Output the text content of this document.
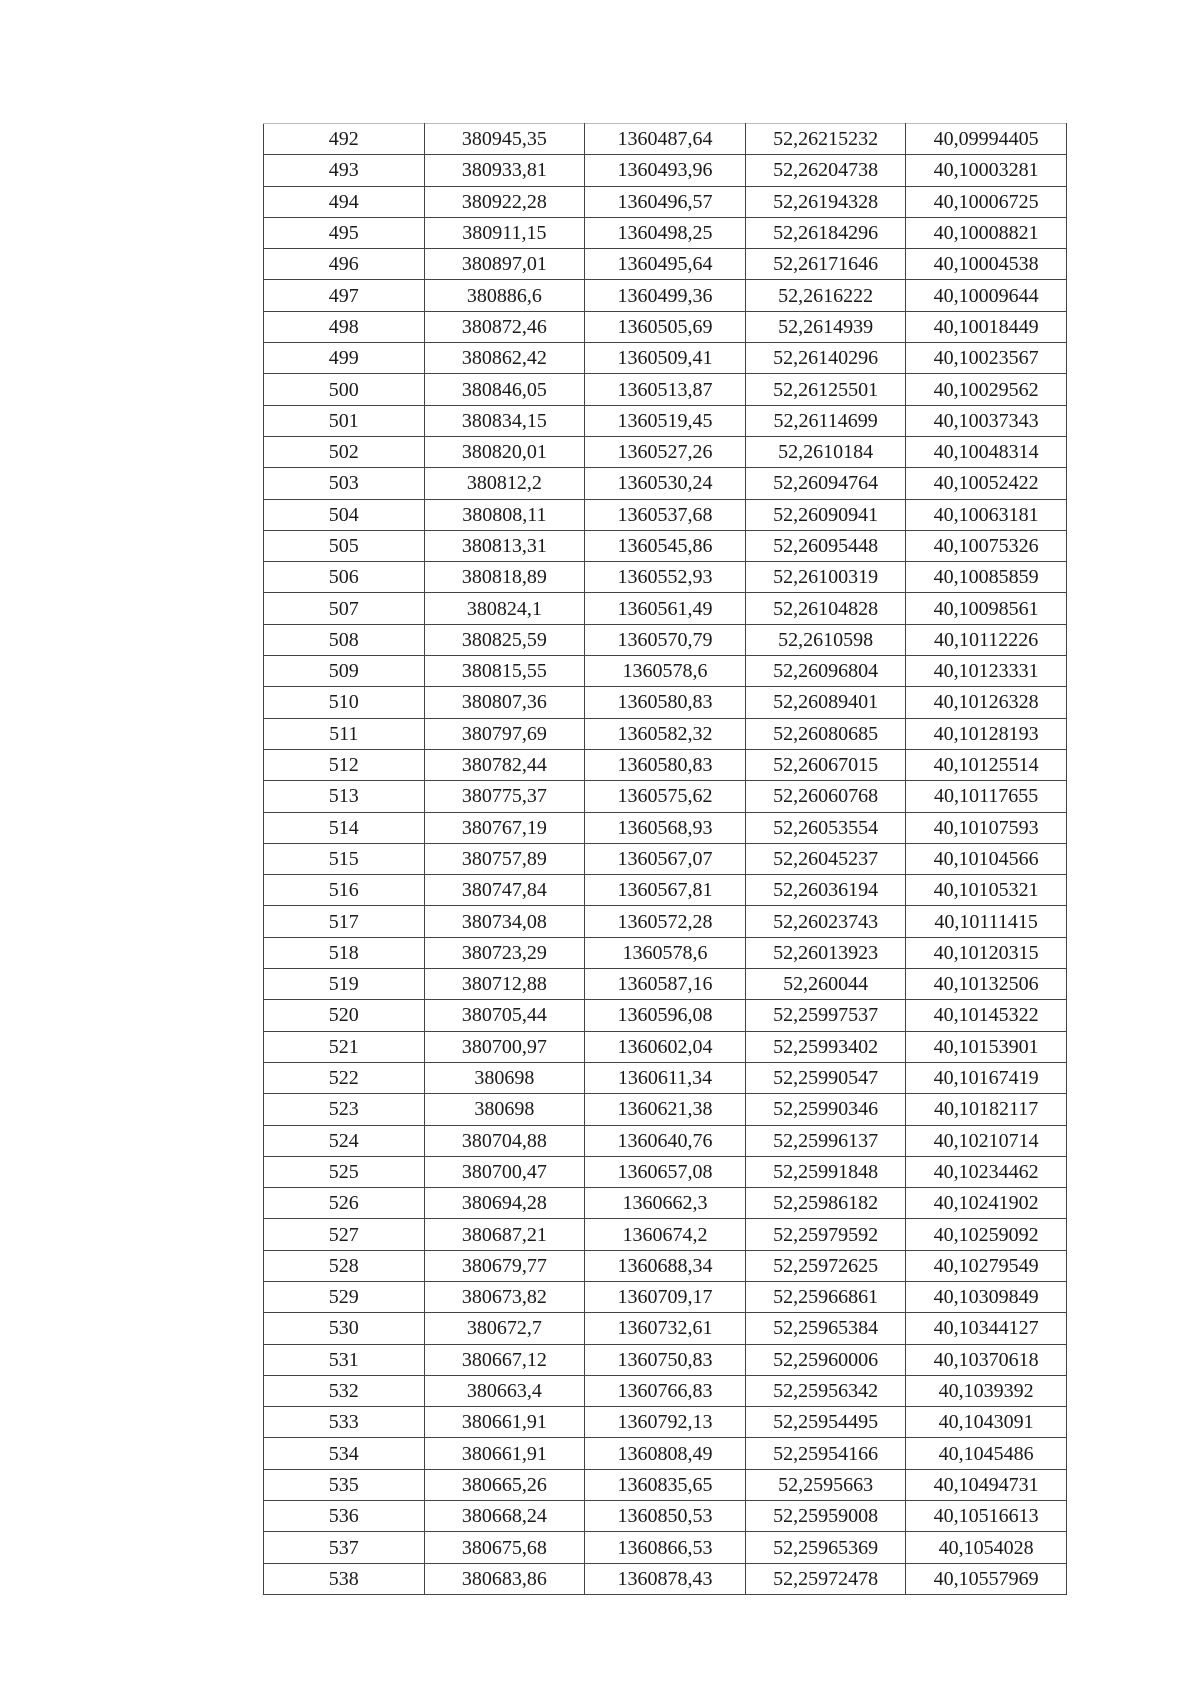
492	380945,35	1360487,64	52,26215232	40,09994405
493	380933,81	1360493,96	52,26204738	40,10003281
494	380922,28	1360496,57	52,26194328	40,10006725
495	380911,15	1360498,25	52,26184296	40,10008821
496	380897,01	1360495,64	52,26171646	40,10004538
497	380886,6	1360499,36	52,2616222	40,10009644
498	380872,46	1360505,69	52,2614939	40,10018449
499	380862,42	1360509,41	52,26140296	40,10023567
500	380846,05	1360513,87	52,26125501	40,10029562
501	380834,15	1360519,45	52,26114699	40,10037343
502	380820,01	1360527,26	52,2610184	40,10048314
503	380812,2	1360530,24	52,26094764	40,10052422
504	380808,11	1360537,68	52,26090941	40,10063181
505	380813,31	1360545,86	52,26095448	40,10075326
506	380818,89	1360552,93	52,26100319	40,10085859
507	380824,1	1360561,49	52,26104828	40,10098561
508	380825,59	1360570,79	52,2610598	40,10112226
509	380815,55	1360578,6	52,26096804	40,10123331
510	380807,36	1360580,83	52,26089401	40,10126328
511	380797,69	1360582,32	52,26080685	40,10128193
512	380782,44	1360580,83	52,26067015	40,10125514
513	380775,37	1360575,62	52,26060768	40,10117655
514	380767,19	1360568,93	52,26053554	40,10107593
515	380757,89	1360567,07	52,26045237	40,10104566
516	380747,84	1360567,81	52,26036194	40,10105321
517	380734,08	1360572,28	52,26023743	40,10111415
518	380723,29	1360578,6	52,26013923	40,10120315
519	380712,88	1360587,16	52,260044	40,10132506
520	380705,44	1360596,08	52,25997537	40,10145322
521	380700,97	1360602,04	52,25993402	40,10153901
522	380698	1360611,34	52,25990547	40,10167419
523	380698	1360621,38	52,25990346	40,10182117
524	380704,88	1360640,76	52,25996137	40,10210714
525	380700,47	1360657,08	52,25991848	40,10234462
526	380694,28	1360662,3	52,25986182	40,10241902
527	380687,21	1360674,2	52,25979592	40,10259092
528	380679,77	1360688,34	52,25972625	40,10279549
529	380673,82	1360709,17	52,25966861	40,10309849
530	380672,7	1360732,61	52,25965384	40,10344127
531	380667,12	1360750,83	52,25960006	40,10370618
532	380663,4	1360766,83	52,25956342	40,1039392
533	380661,91	1360792,13	52,25954495	40,1043091
534	380661,91	1360808,49	52,25954166	40,1045486
535	380665,26	1360835,65	52,2595663	40,10494731
536	380668,24	1360850,53	52,25959008	40,10516613
537	380675,68	1360866,53	52,25965369	40,1054028
538	380683,86	1360878,43	52,25972478	40,10557969
